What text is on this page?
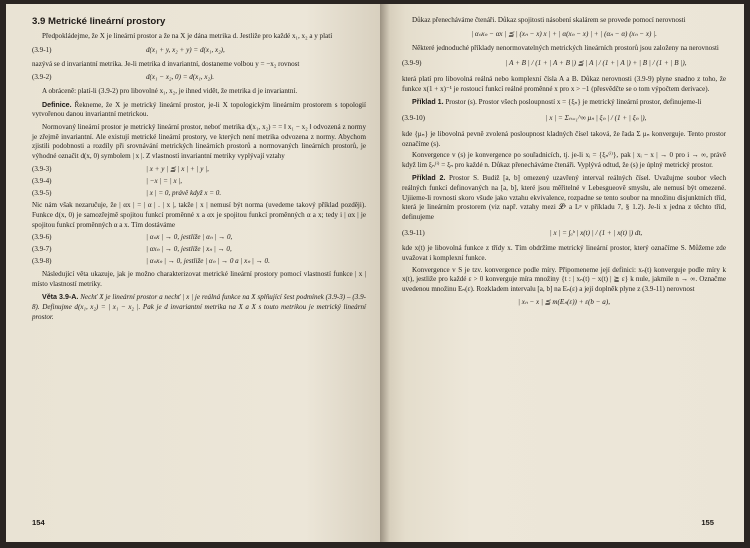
3.9 Metrické lineární prostory

Předpokládejme, že X je lineární prostor a že na X je dána metrika d. Jestliže pro každé x₁, x₂ a y platí

(3.9-1)	d(x₁ + y, x₂ + y) = d(x₁, x₂),

nazývá se d invariantní metrika. Je-li metrika d invariantní, dostaneme volbou y = −x₂ rovnost

(3.9-2)	d(x₁ − x₂, 0) = d(x₁, x₂).

A obráceně: platí-li (3.9-2) pro libovolné x₁, x₂, je ihned vidět, že metrika d je invariantní.

Definice. Řekneme, že X je metrický lineární prostor, je-li X topologickým lineárním prostorem s topologií vytvořenou danou invariantní metrickou.

Normovaný lineární prostor je metrický lineární prostor, neboť metrika d(x₁, x₂) = = ‖ x₁ − x₂ ‖ odvozená z normy je zřejmě invariantní. Ale existují metrické lineární prostory, ve kterých není metrika odvozena z normy. Abychom zjistili podobnosti a rozdíly při srovnávání metrických lineárních prostorů a normovaných lineárních prostorů, je výhodné označit d(x, 0) symbolem | x |. Z vlastností invariantní metriky vyplývají vztahy

(3.9-3)	| x + y | ≦ | x | + | y |,
(3.9-4)	| −x | = | x |,
(3.9-5)	| x | = 0, právě když x = 0.

Nic nám však nezaručuje, že | αx | = | α | . | x |, takže | x | nemusí být norma (uvedeme takový příklad později). Funkce d(x, 0) je samozřejmě spojitou funkcí proměnné x a αx je spojitou funkcí proměnných α a x; tedy i | αx | je spojitou funkcí proměnných α a x. Tím dostáváme

(3.9-6)	| αₙx | → 0, jestliže | αₙ | → 0,
(3.9-7)	| αxₙ | → 0, jestliže | xₙ | → 0,
(3.9-8)	| αₙxₙ | → 0, jestliže | αₙ | → 0 a | xₙ | → 0.

Následující věta ukazuje, jak je možno charakterizovat metrické lineární prostory pomocí vlastností funkce | x | místo vlastností metriky.

Věta 3.9-A. Nechť X je lineární prostor a nechť | x | je reálná funkce na X splňující šest podmínek (3.9-3) – (3.9-8). Definujme d(x₁, x₂) = | x₁ − x₂ |. Pak je d invariantní metrika na X a X s touto metrikou je metrický lineární prostor.

154

Důkaz přenecháváme čtenáři. Důkaz spojitosti násobení skalárem se provede pomocí nerovnosti

| αₙxₙ − αx | ≦ | (xₙ − x) x | + | α(xₙ − x) | + | (αₙ − α) (xₙ − x) |.

Některé jednoduché příklady nenormovatelných metrických lineárních prostorů jsou založeny na nerovnosti

(3.9-9)	| A + B | / (1 + | A + B |) ≦ | A | / (1 + | A |) + | B | / (1 + | B |),

která platí pro libovolná reálná nebo komplexní čísla A a B. Důkaz nerovnosti (3.9-9) plyne snadno z toho, že funkce x(1 + x)⁻¹ je rostoucí funkcí reálné proměnné x pro x > −1 (přesvědčte se o tom výpočtem derivace).

Příklad 1. Prostor (s). Prostor všech posloupností x = {ξₙ} je metrický lineární prostor, definujeme-li

(3.9-10)	| x | = Σₙ₌₁^∞ μₙ | ξₙ | / (1 + | ξₙ |),

kde {μₙ} je libovolná pevně zvolená posloupnost kladných čísel taková, že řada Σ μₙ konverguje. Tento prostor označíme (s).

Konvergence v (s) je konvergence po souřadnicích, tj. je-li xᵢ = {ξₙ⁽ⁱ⁾}, pak | xᵢ − x | → 0 pro i → ∞, právě když lim ξₙ⁽ⁱ⁾ = ξₙ pro každé n. Důkaz přenecháváme čtenáři. Vyplývá odtud, že (s) je úplný metrický prostor.

Příklad 2. Prostor S. Budiž [a, b] omezený uzavřený interval reálných čísel. Uvažujme soubor všech reálných funkcí definovaných na [a, b], které jsou měřitelné v Lebesgueově smyslu, ale nemusí být omezené. Ujiieme-li rovnosti skoro všude jako vztahu ekvivalence, rozpadne se tento soubor na množinu disjunktních tříd, která je lineárním prostorem (viz např. vztahy mezi 𝓛ᵖ a Lᵖ v příkladu 7, § 1.2). Je-li x jedna z těchto tříd, definujeme

(3.9-11)	| x | = ∫ₐᵇ | x(t) | / (1 + | x(t) |) dt,

kde x(t) je libovolná funkce z třídy x. Tím obdržíme metrický lineární prostor, který označíme S. Můžeme zde uvažovat i komplexní funkce.

Konvergence v S je tzv. konvergence podle míry. Připomeneme její definici: xₙ(t) konverguje podle míry k x(t), jestliže pro každé ε > 0 konverguje míra množiny {t : | xₙ(t) − x(t) | ≧ ε} k nule, jakmile n → ∞. Označme uvedenou množinu Eₙ(ε). Rozkladem intervalu [a, b] na Eₙ(ε) a její doplněk plyne z (3.9-11) nerovnost

| xₙ − x | ≦ m(Eₙ(ε)) + ε(b − a),
155
